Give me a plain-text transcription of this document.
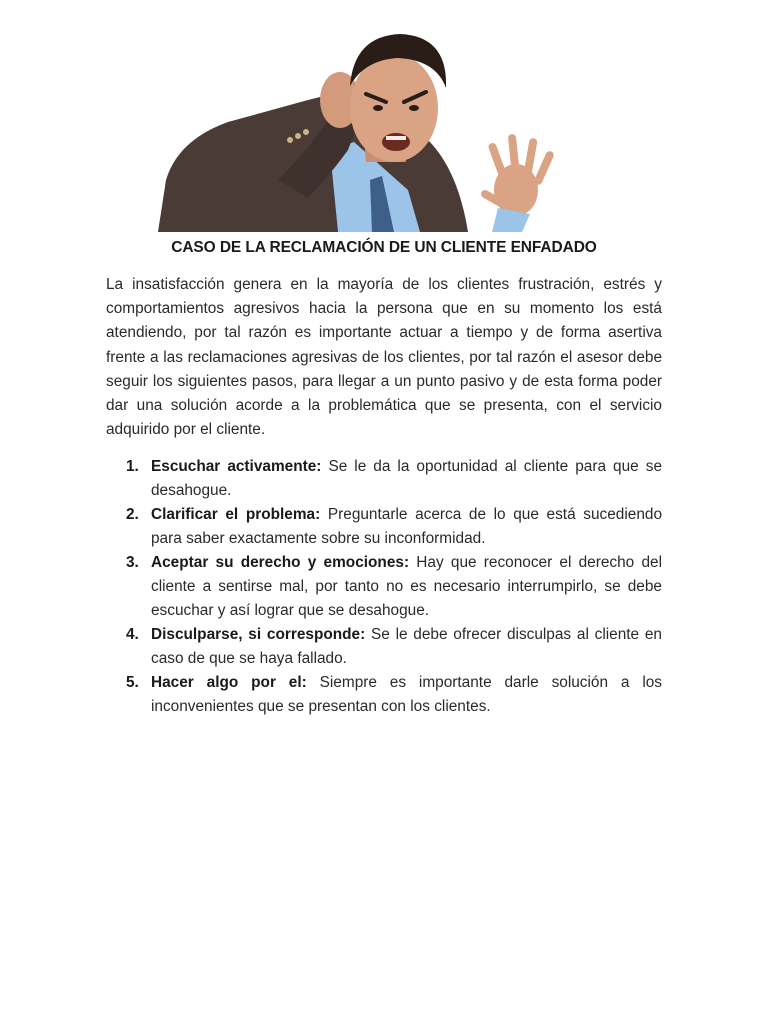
CASO DE LA RECLAMACIÓN DE UN CLIENTE ENFADADO

La insatisfacción genera en la mayoría de los clientes frustración, estrés y comportamientos agresivos hacia la persona que en su momento los está atendiendo, por tal razón es importante actuar a tiempo y de forma asertiva frente a las reclamaciones agresivas de los clientes, por tal razón el asesor debe seguir los siguientes pasos, para llegar a un punto pasivo y de esta forma poder dar una solución acorde a la problemática que se presenta, con el servicio adquirido por el cliente.

1. Escuchar activamente: Se le da la oportunidad al cliente para que se desahogue.
2. Clarificar el problema: Preguntarle acerca de lo que está sucediendo para saber exactamente sobre su inconformidad.
3. Aceptar su derecho y emociones: Hay que reconocer el derecho del cliente a sentirse mal, por tanto no es necesario interrumpirlo, se debe escuchar y así lograr que se desahogue.
4. Disculparse, si corresponde: Se le debe ofrecer disculpas al cliente en caso de que se haya fallado.
5. Hacer algo por el: Siempre es importante darle solución a los inconvenientes que se presentan con los clientes.
